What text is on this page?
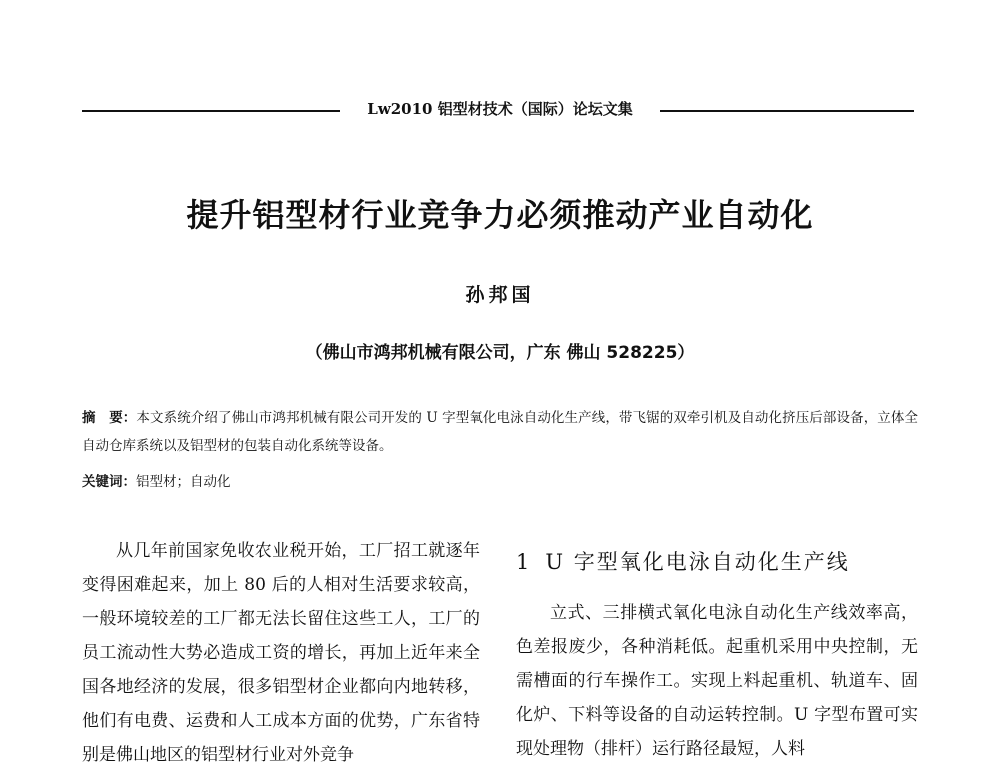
Lw2010 铝型材技术（国际）论坛文集
提升铝型材行业竞争力必须推动产业自动化
孙邦国
（佛山市鸿邦机械有限公司，广东 佛山 528225）
摘　要：本文系统介绍了佛山市鸿邦机械有限公司开发的 U 字型氧化电泳自动化生产线，带飞锯的双牵引机及自动化挤压后部设备，立体全自动仓库系统以及铝型材的包装自动化系统等设备。
关键词：铝型材；自动化
从几年前国家免收农业税开始，工厂招工就逐年变得困难起来，加上 80 后的人相对生活要求较高，一般环境较差的工厂都无法长留住这些工人，工厂的员工流动性大势必造成工资的增长，再加上近年来全国各地经济的发展，很多铝型材企业都向内地转移，他们有电费、运费和人工成本方面的优势，广东省特别是佛山地区的铝型材行业对外竞争
1 U 字型氧化电泳自动化生产线
立式、三排横式氧化电泳自动化生产线效率高，色差报废少，各种消耗低。起重机采用中央控制，无需槽面的行车操作工。实现上料起重机、轨道车、固化炉、下料等设备的自动运转控制。U 字型布置可实现处理物（排杆）运行路径最短，人料
